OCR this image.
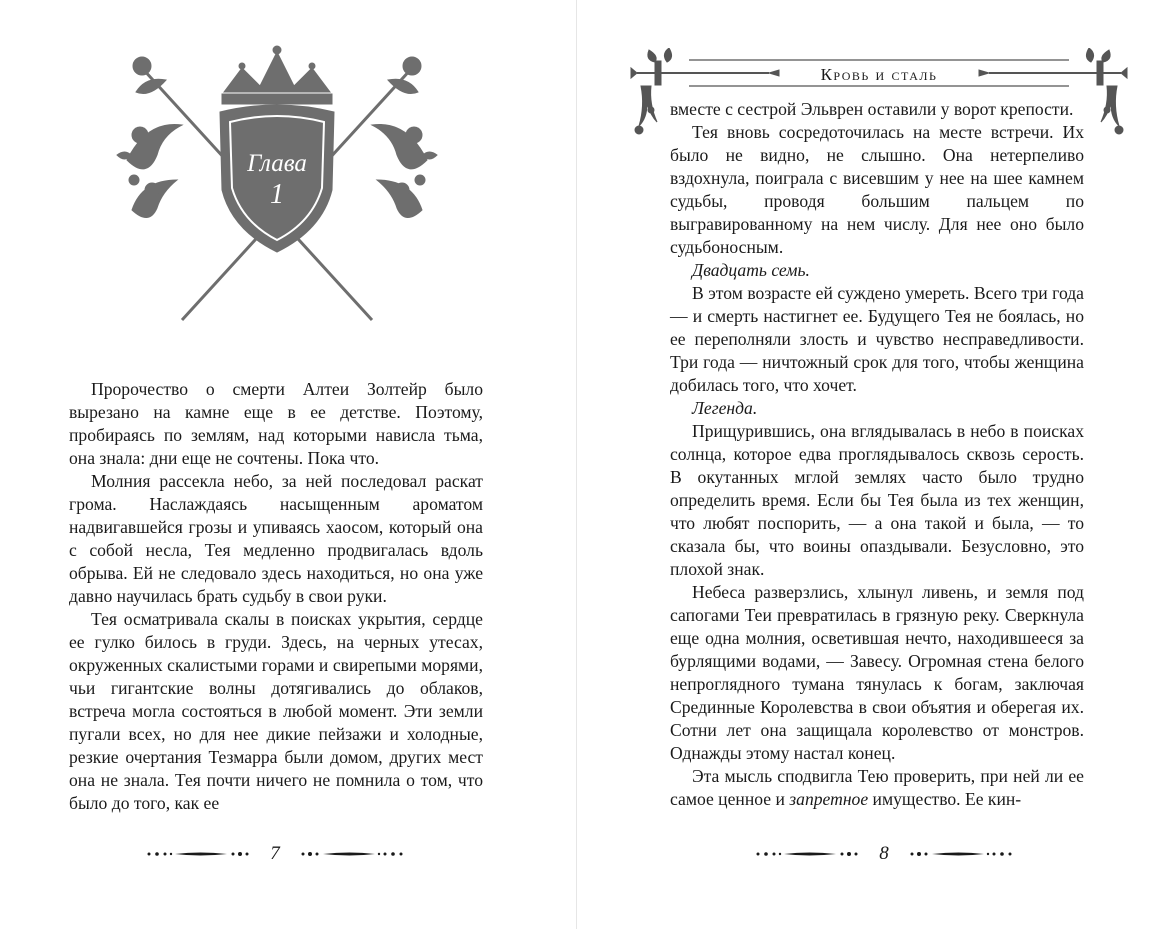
Глава
1

Пророчество о смерти Алтеи Золтейр было вырезано на камне еще в ее детстве. Поэтому, пробираясь по землям, над которыми нависла тьма, она знала: дни еще не сочтены. Пока что.

Молния рассекла небо, за ней последовал раскат грома. Наслаждаясь насыщенным ароматом надвигавшейся грозы и упиваясь хаосом, который она с собой несла, Тея медленно продвигалась вдоль обрыва. Ей не следовало здесь находиться, но она уже давно научилась брать судьбу в свои руки.

Тея осматривала скалы в поисках укрытия, сердце ее гулко билось в груди. Здесь, на черных утесах, окруженных скалистыми горами и свирепыми морями, чьи гигантские волны дотягивались до облаков, встреча могла состояться в любой момент. Эти земли пугали всех, но для нее дикие пейзажи и холодные, резкие очертания Тезмарра были домом, других мест она не знала. Тея почти ничего не помнила о том, что было до того, как ее

7
Кровь и сталь

вместе с сестрой Эльврен оставили у ворот крепости.

Тея вновь сосредоточилась на месте встречи. Их было не видно, не слышно. Она нетерпеливо вздохнула, поиграла с висевшим у нее на шее камнем судьбы, проводя большим пальцем по выгравированному на нем числу. Для нее оно было судьбоносным.

Двадцать семь.

В этом возрасте ей суждено умереть. Всего три года — и смерть настигнет ее. Будущего Тея не боялась, но ее переполняли злость и чувство несправедливости. Три года — ничтожный срок для того, чтобы женщина добилась того, что хочет.

Легенда.

Прищурившись, она вглядывалась в небо в поисках солнца, которое едва проглядывалось сквозь серость. В окутанных мглой землях часто было трудно определить время. Если бы Тея была из тех женщин, что любят поспорить, — а она такой и была, — то сказала бы, что воины опаздывали. Безусловно, это плохой знак.

Небеса разверзлись, хлынул ливень, и земля под сапогами Теи превратилась в грязную реку. Сверкнула еще одна молния, осветившая нечто, находившееся за бурлящими водами, — Завесу. Огромная стена белого непроглядного тумана тянулась к богам, заключая Срединные Королевства в свои объятия и оберегая их. Сотни лет она защищала королевство от монстров. Однажды этому настал конец.

Эта мысль сподвигла Тею проверить, при ней ли ее самое ценное и запретное имущество. Ее кин-

8
